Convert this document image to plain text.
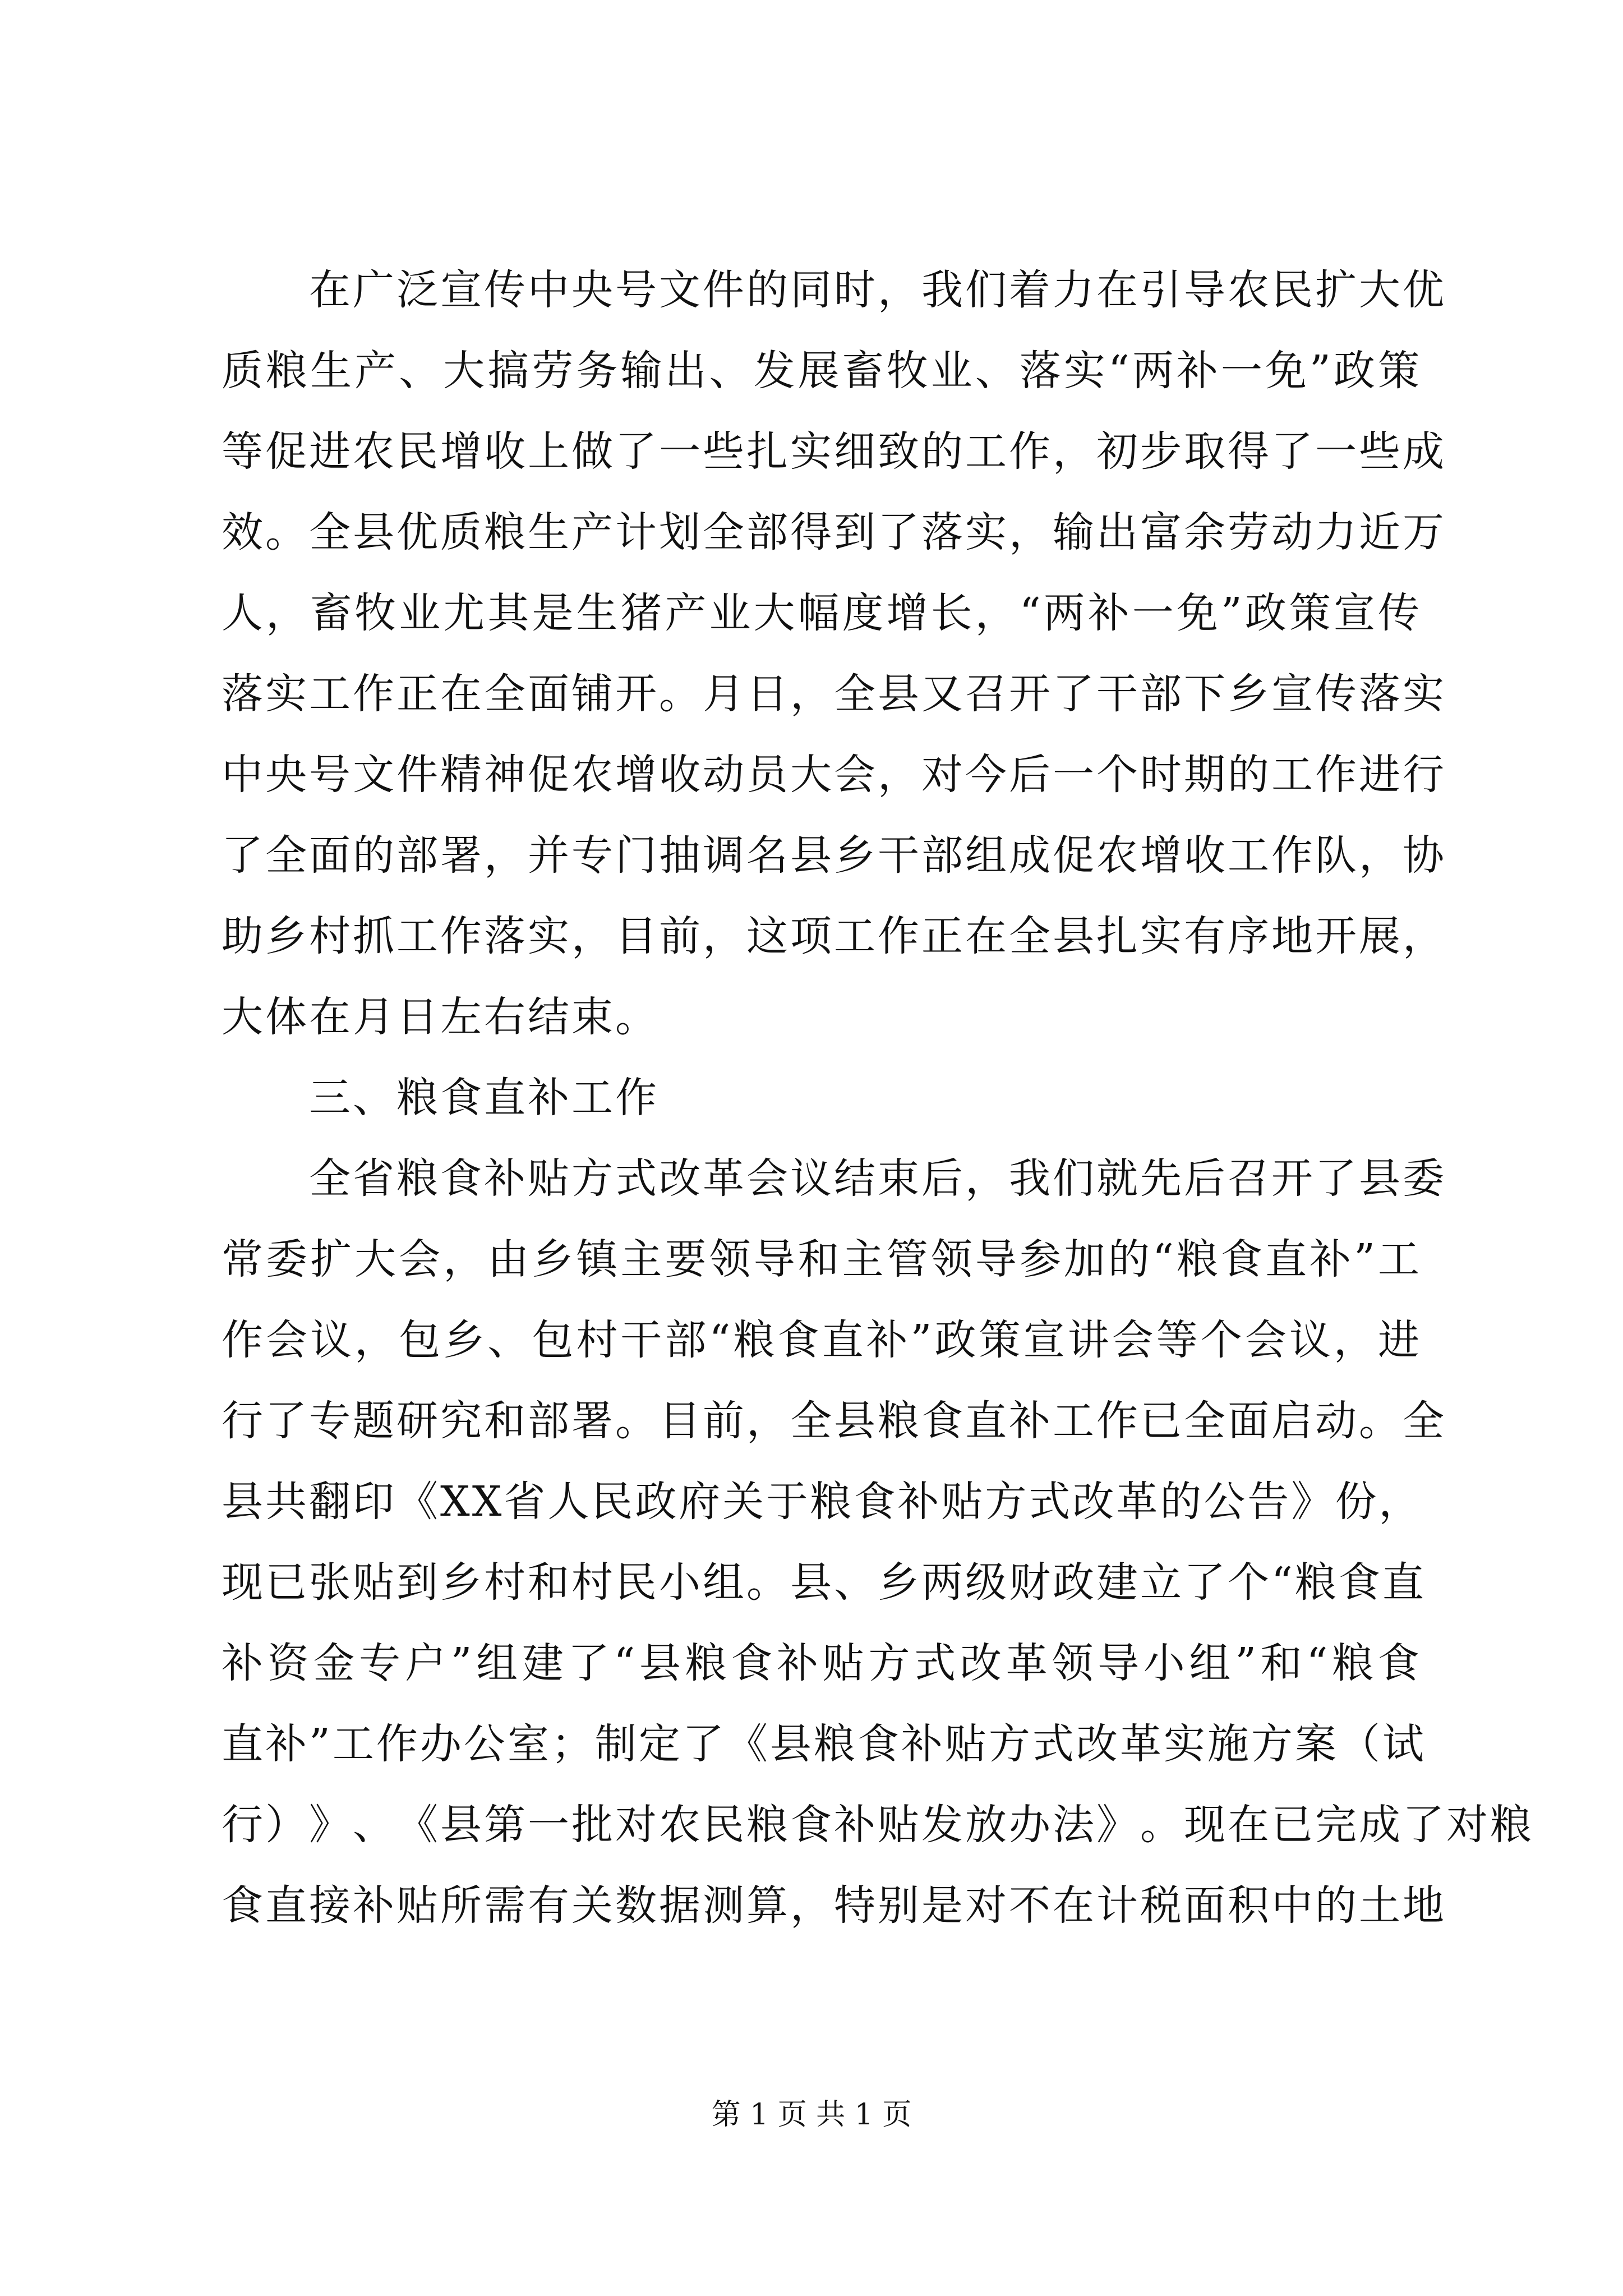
在 广 泛 宣 传 中 央 号 文 件 的 同 时 ， 我 们 着 力 在 引 导 农 民 扩 大 优
质 粮 生 产 、 大 搞 劳 务 输 出 、 发 展 畜 牧 业 、 落 实 “ 两 补 一 免 ” 政 策
等 促 进 农 民 增 收 上 做 了 一 些 扎 实 细 致 的 工 作 ， 初 步 取 得 了 一 些 成
效 。 全 县 优 质 粮 生 产 计 划 全 部 得 到 了 落 实 ， 输 出 富 余 劳 动 力 近 万
人 ， 畜 牧 业 尤 其 是 生 猪 产 业 大 幅 度 增 长 ， “ 两 补 一 免 ” 政 策 宣 传
落 实 工 作 正 在 全 面 铺 开 。 月 日 ， 全 县 又 召 开 了 干 部 下 乡 宣 传 落 实
中 央 号 文 件 精 神 促 农 增 收 动 员 大 会 ， 对 今 后 一 个 时 期 的 工 作 进 行
了 全 面 的 部 署 ， 并 专 门 抽 调 名 县 乡 干 部 组 成 促 农 增 收 工 作 队 ， 协
助 乡 村 抓 工 作 落 实 ， 目 前 ， 这 项 工 作 正 在 全 县 扎 实 有 序 地 开 展 ，
大体在月日左右结束。
　　三、粮食直补工作

全 省 粮 食 补 贴 方 式 改 革 会 议 结 束 后 ， 我 们 就 先 后 召 开 了 县 委
常 委 扩 大 会 ， 由 乡 镇 主 要 领 导 和 主 管 领 导 参 加 的 “ 粮 食 直 补 ” 工
作 会 议 ， 包 乡 、 包 村 干 部 “ 粮 食 直 补 ” 政 策 宣 讲 会 等 个 会 议 ， 进
行 了 专 题 研 究 和 部 署 。 目 前 ， 全 县 粮 食 直 补 工 作 已 全 面 启 动 。 全
县 共 翻 印 《 X X 省 人 民 政 府 关 于 粮 食 补 贴 方 式 改 革 的 公 告 》 份 ，
现 已 张 贴 到 乡 村 和 村 民 小 组 。 县 、 乡 两 级 财 政 建 立 了 个 “ 粮 食 直
补 资 金 专 户 ” 组 建 了 “ 县 粮 食 补 贴 方 式 改 革 领 导 小 组 ” 和 “ 粮 食
直 补 ” 工 作 办 公 室 ； 制 定 了 《 县 粮 食 补 贴 方 式 改 革 实 施 方 案 （ 试
行 ） 》 、 《 县 第 一 批 对 农 民 粮 食 补 贴 发 放 办 法 》 。 现 在 已 完 成 了 对 粮
食 直 接 补 贴 所 需 有 关 数 据 测 算 ， 特 别 是 对 不 在 计 税 面 积 中 的 土 地
第 1 页 共 1 页
